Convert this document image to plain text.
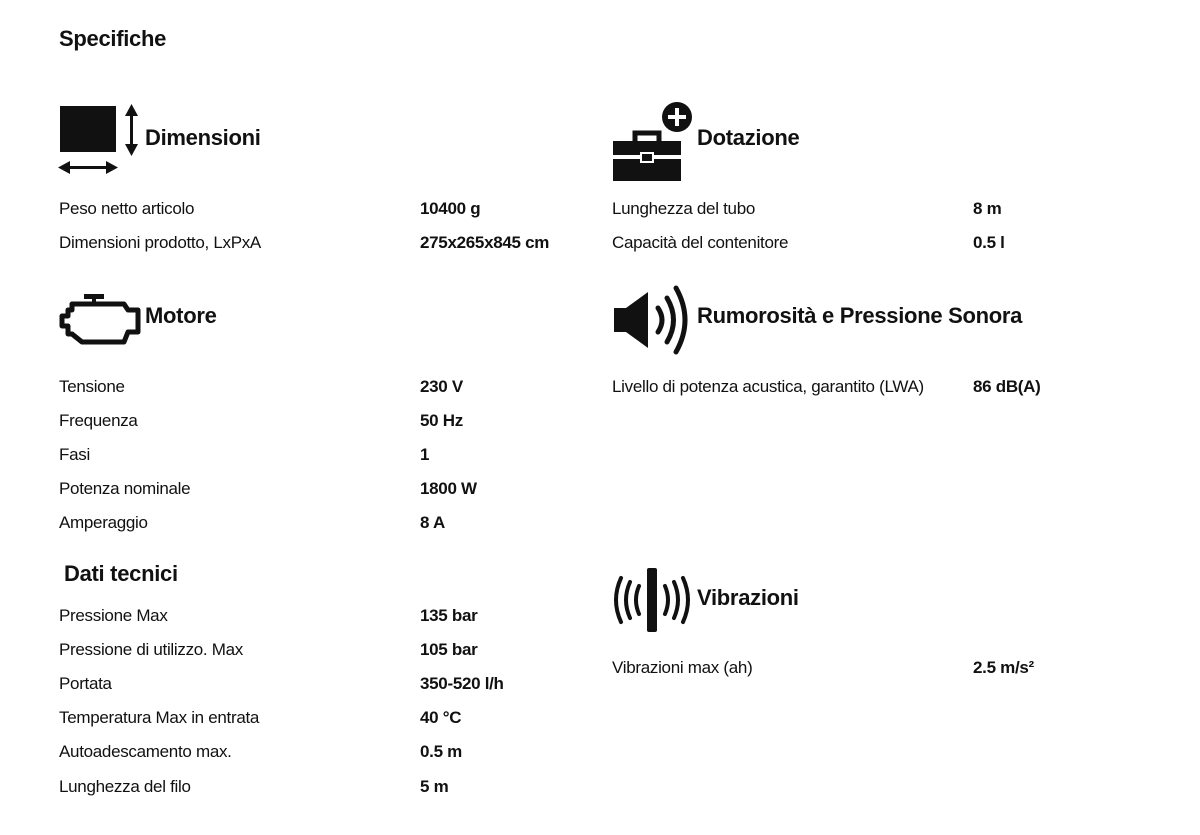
Specifiche
Dimensioni
Peso netto articolo	10400 g
Dimensioni prodotto, LxPxA	275x265x845 cm
Motore
Tensione	230 V
Frequenza	50 Hz
Fasi	1
Potenza nominale	1800 W
Amperaggio	8 A
Dati tecnici
Pressione Max	135 bar
Pressione di utilizzo. Max	105 bar
Portata	350-520 l/h
Temperatura Max in entrata	40 °C
Autoadescamento max.	0.5 m
Lunghezza del filo	5 m
Dotazione
Lunghezza del tubo	8 m
Capacità del contenitore	0.5 l
Rumorosità e Pressione Sonora
Livello di potenza acustica, garantito (LWA)	86 dB(A)
Vibrazioni
Vibrazioni max (ah)	2.5 m/s²
